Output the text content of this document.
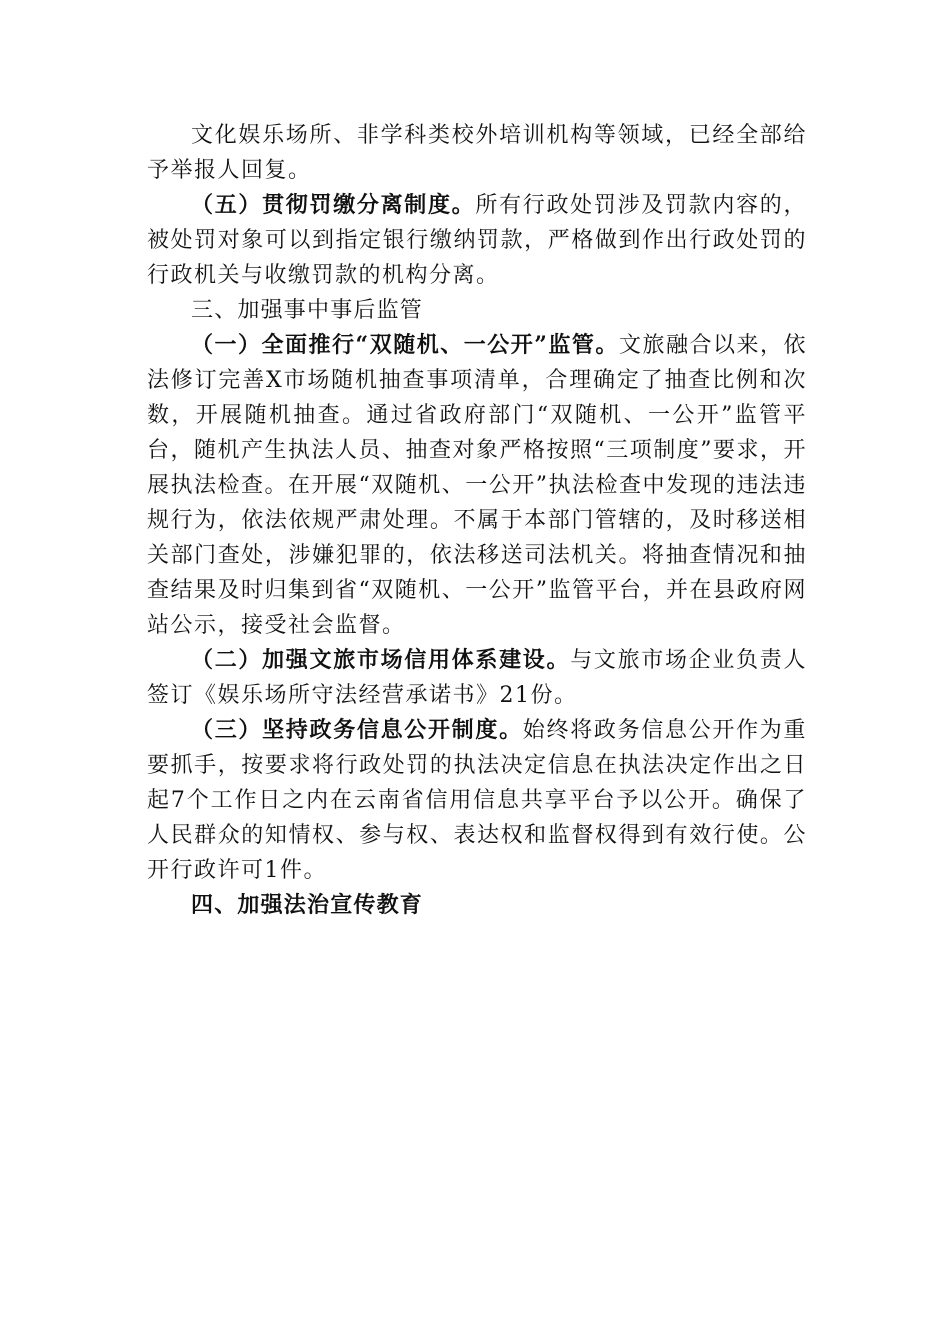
文化娱乐场所、非学科类校外培训机构等领域，已经全部给予举报人回复。

（五）贯彻罚缴分离制度。所有行政处罚涉及罚款内容的，被处罚对象可以到指定银行缴纳罚款，严格做到作出行政处罚的行政机关与收缴罚款的机构分离。

三、加强事中事后监管

（一）全面推行“双随机、一公开”监管。文旅融合以来，依法修订完善X市场随机抽查事项清单，合理确定了抽查比例和次数，开展随机抽查。通过省政府部门“双随机、一公开”监管平台，随机产生执法人员、抽查对象严格按照“三项制度”要求，开展执法检查。在开展“双随机、一公开”执法检查中发现的违法违规行为，依法依规严肃处理。不属于本部门管辖的，及时移送相关部门查处，涉嫌犯罪的，依法移送司法机关。将抽查情况和抽查结果及时归集到省“双随机、一公开”监管平台，并在县政府网站公示，接受社会监督。

（二）加强文旅市场信用体系建设。与文旅市场企业负责人签订《娱乐场所守法经营承诺书》21份。

（三）坚持政务信息公开制度。始终将政务信息公开作为重要抓手，按要求将行政处罚的执法决定信息在执法决定作出之日起7个工作日之内在云南省信用信息共享平台予以公开。确保了人民群众的知情权、参与权、表达权和监督权得到有效行使。公开行政许可1件。

四、加强法治宣传教育
